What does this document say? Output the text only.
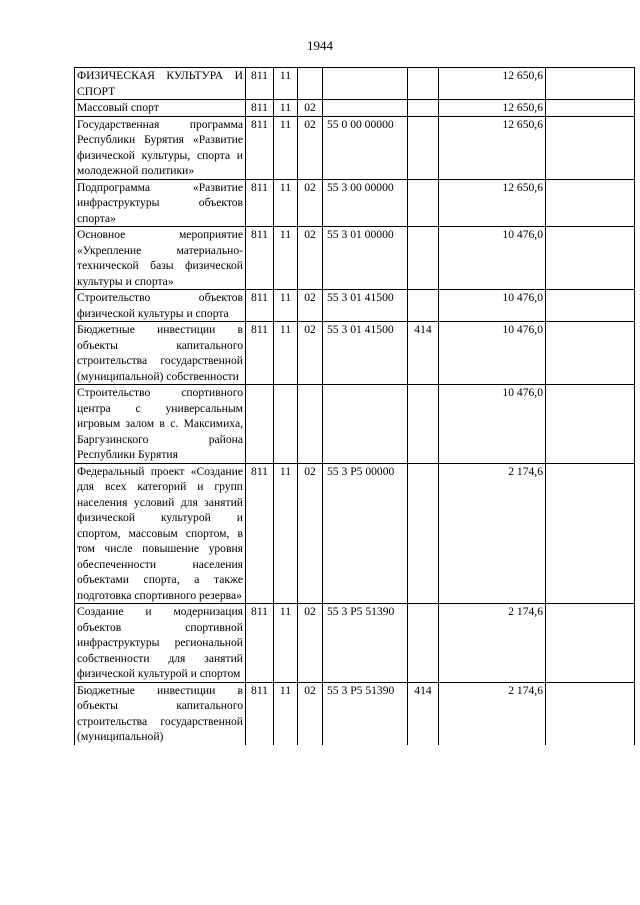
1944
ФИЗИЧЕСКАЯ КУЛЬТУРА И СПОРТ	811	11				12 650,6	
Массовый спорт	811	11	02			12 650,6	
Государственная программа Республики Бурятия «Развитие физической культуры, спорта и молодежной политики»	811	11	02	55 0 00 00000		12 650,6	
Подпрограмма «Развитие инфраструктуры объектов спорта»	811	11	02	55 3 00 00000		12 650,6	
Основное мероприятие «Укрепление материально-технической базы физической культуры и спорта»	811	11	02	55 3 01 00000		10 476,0	
Строительство объектов физической культуры и спорта	811	11	02	55 3 01 41500		10 476,0	
Бюджетные инвестиции в объекты капитального строительства государственной (муниципальной) собственности	811	11	02	55 3 01 41500	414	10 476,0	
Строительство спортивного центра с универсальным игровым залом в с. Максимиха, Баргузинского района Республики Бурятия						10 476,0	
Федеральный проект «Создание для всех категорий и групп населения условий для занятий физической культурой и спортом, массовым спортом, в том числе повышение уровня обеспеченности населения объектами спорта, а также подготовка спортивного резерва»	811	11	02	55 3 P5 00000		2 174,6	
Создание и модернизация объектов спортивной инфраструктуры региональной собственности для занятий физической культурой и спортом	811	11	02	55 3 P5 51390		2 174,6	
Бюджетные инвестиции в объекты капитального строительства государственной (муниципальной)	811	11	02	55 3 P5 51390	414	2 174,6	
